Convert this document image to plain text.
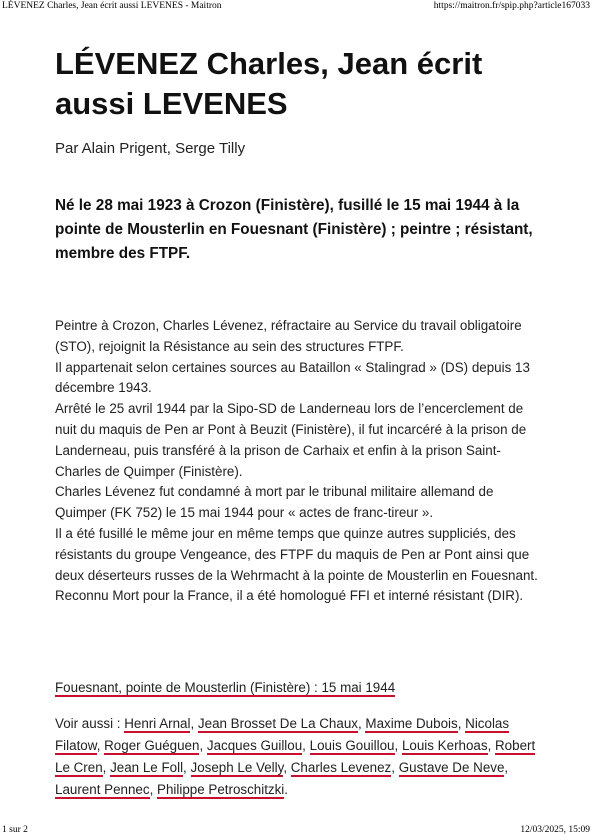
LÉVENEZ Charles, Jean écrit aussi LEVENES - Maitron	https://maitron.fr/spip.php?article167033
LÉVENEZ Charles, Jean écrit aussi LEVENES
Par Alain Prigent, Serge Tilly

Né le 28 mai 1923 à Crozon (Finistère), fusillé le 15 mai 1944 à la pointe de Mousterlin en Fouesnant (Finistère) ; peintre ; résistant, membre des FTPF.

Peintre à Crozon, Charles Lévenez, réfractaire au Service du travail obligatoire (STO), rejoignit la Résistance au sein des structures FTPF.

Il appartenait selon certaines sources au Bataillon « Stalingrad » (DS) depuis 13 décembre 1943.

Arrêté le 25 avril 1944 par la Sipo-SD de Landerneau lors de l’encerclement de nuit du maquis de Pen ar Pont à Beuzit (Finistère), il fut incarcéré à la prison de Landerneau, puis transféré à la prison de Carhaix et enfin à la prison Saint-Charles de Quimper (Finistère).

Charles Lévenez fut condamné à mort par le tribunal militaire allemand de Quimper (FK 752) le 15 mai 1944 pour « actes de franc-tireur ».

Il a été fusillé le même jour en même temps que quinze autres suppliciés, des résistants du groupe Vengeance, des FTPF du maquis de Pen ar Pont ainsi que deux déserteurs russes de la Wehrmacht à la pointe de Mousterlin en Fouesnant.

Reconnu Mort pour la France, il a été homologué FFI et interné résistant (DIR).

Fouesnant, pointe de Mousterlin (Finistère) : 15 mai 1944
Voir aussi : Henri Arnal, Jean Brosset De La Chaux, Maxime Dubois, Nicolas Filatow, Roger Guéguen, Jacques Guillou, Louis Gouillou, Louis Kerhoas, Robert Le Cren, Jean Le Foll, Joseph Le Velly, Charles Levenez, Gustave De Neve, Laurent Pennec, Philippe Petroschitzki.
1 sur 2	12/03/2025, 15:09
